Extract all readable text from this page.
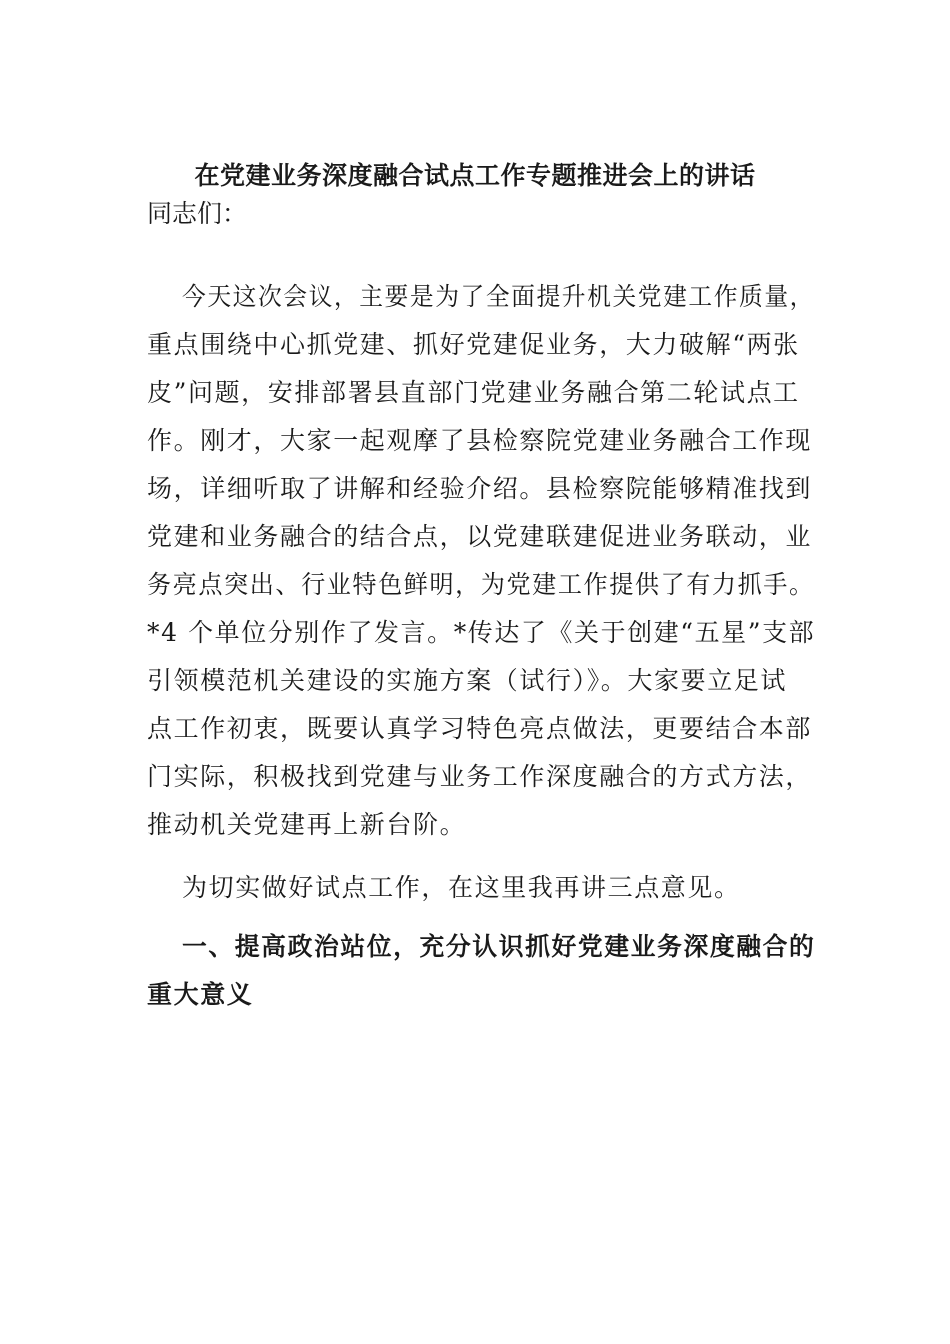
在党建业务深度融合试点工作专题推进会上的讲话
同志们：
今天这次会议，主要是为了全面提升机关党建工作质量，
重点围绕中心抓党建、抓好党建促业务，大力破解“两张
皮”问题，安排部署县直部门党建业务融合第二轮试点工
作。刚才，大家一起观摩了县检察院党建业务融合工作现
场，详细听取了讲解和经验介绍。县检察院能够精准找到
党建和业务融合的结合点，以党建联建促进业务联动，业
务亮点突出、行业特色鲜明，为党建工作提供了有力抓手。
*4 个单位分别作了发言。*传达了《关于创建“五星”支部
引领模范机关建设的实施方案（试行）》。大家要立足试
点工作初衷，既要认真学习特色亮点做法，更要结合本部
门实际，积极找到党建与业务工作深度融合的方式方法，
推动机关党建再上新台阶。
为切实做好试点工作，在这里我再讲三点意见。
一、提高政治站位，充分认识抓好党建业务深度融合的
重大意义
